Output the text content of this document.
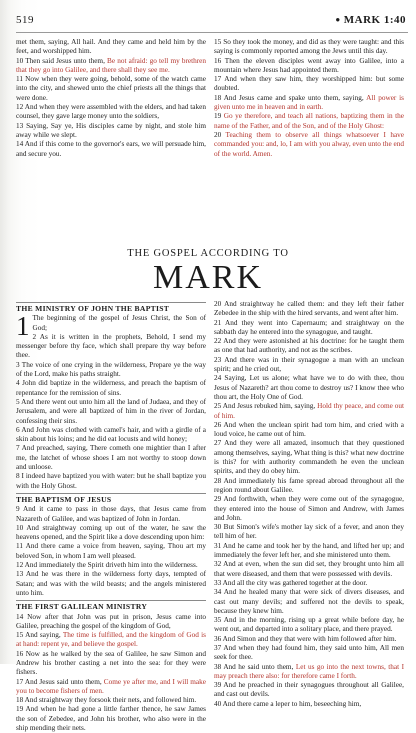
519	● MARK 1:40

met them, saying, All hail. And they came and held him by the feet, and worshipped him.

10 Then said Jesus unto them, Be not afraid: go tell my brethren that they go into Galilee, and there shall they see me.

11 Now when they were going, behold, some of the watch came into the city, and shewed unto the chief priests all the things that were done.

12 And when they were assembled with the elders, and had taken counsel, they gave large money unto the soldiers,

13 Saying, Say ye, His disciples came by night, and stole him away while we slept.

14 And if this come to the governor's ears, we will persuade him, and secure you.

15 So they took the money, and did as they were taught: and this saying is commonly reported among the Jews until this day.

16 Then the eleven disciples went away into Galilee, into a mountain where Jesus had appointed them.

17 And when they saw him, they worshipped him: but some doubted.

18 And Jesus came and spake unto them, saying, All power is given unto me in heaven and in earth.

19 Go ye therefore, and teach all nations, baptizing them in the name of the Father, and of the Son, and of the Holy Ghost:

20 Teaching them to observe all things whatsoever I have commanded you: and, lo, I am with you alway, even unto the end of the world. Amen.

THE GOSPEL ACCORDING TO
MARK
THE MINISTRY OF JOHN THE BAPTIST

1 The beginning of the gospel of Jesus Christ, the Son of God;

2 As it is written in the prophets, Behold, I send my messenger before thy face, which shall prepare thy way before thee.

3 The voice of one crying in the wilderness, Prepare ye the way of the Lord, make his paths straight.

4 John did baptize in the wilderness, and preach the baptism of repentance for the remission of sins.

5 And there went out unto him all the land of Judaea, and they of Jerusalem, and were all baptized of him in the river of Jordan, confessing their sins.

6 And John was clothed with camel's hair, and with a girdle of a skin about his loins; and he did eat locusts and wild honey;

7 And preached, saying, There cometh one mightier than I after me, the latchet of whose shoes I am not worthy to stoop down and unloose.

8 I indeed have baptized you with water: but he shall baptize you with the Holy Ghost.

THE BAPTISM OF JESUS

9 And it came to pass in those days, that Jesus came from Nazareth of Galilee, and was baptized of John in Jordan.

10 And straightway coming up out of the water, he saw the heavens opened, and the Spirit like a dove descending upon him:

11 And there came a voice from heaven, saying, Thou art my beloved Son, in whom I am well pleased.

12 And immediately the Spirit driveth him into the wilderness.

13 And he was there in the wilderness forty days, tempted of Satan; and was with the wild beasts; and the angels ministered unto him.

THE FIRST GALILEAN MINISTRY

14 Now after that John was put in prison, Jesus came into Galilee, preaching the gospel of the kingdom of God,

15 And saying, The time is fulfilled, and the kingdom of God is at hand: repent ye, and believe the gospel.

16 Now as he walked by the sea of Galilee, he saw Simon and Andrew his brother casting a net into the sea: for they were fishers.

17 And Jesus said unto them, Come ye after me, and I will make you to become fishers of men.

18 And straightway they forsook their nets, and followed him.

19 And when he had gone a little farther thence, he saw James the son of Zebedee, and John his brother, who also were in the ship mending their nets.

20 And straightway he called them: and they left their father Zebedee in the ship with the hired servants, and went after him.

21 And they went into Capernaum; and straightway on the sabbath day he entered into the synagogue, and taught.

22 And they were astonished at his doctrine: for he taught them as one that had authority, and not as the scribes.

23 And there was in their synagogue a man with an unclean spirit; and he cried out,

24 Saying, Let us alone; what have we to do with thee, thou Jesus of Nazareth? art thou come to destroy us? I know thee who thou art, the Holy One of God.

25 And Jesus rebuked him, saying, Hold thy peace, and come out of him.

26 And when the unclean spirit had torn him, and cried with a loud voice, he came out of him.

27 And they were all amazed, insomuch that they questioned among themselves, saying, What thing is this? what new doctrine is this? for with authority commandeth he even the unclean spirits, and they do obey him.

28 And immediately his fame spread abroad throughout all the region round about Galilee.

29 And forthwith, when they were come out of the synagogue, they entered into the house of Simon and Andrew, with James and John.

30 But Simon's wife's mother lay sick of a fever, and anon they tell him of her.

31 And he came and took her by the hand, and lifted her up; and immediately the fever left her, and she ministered unto them.

32 And at even, when the sun did set, they brought unto him all that were diseased, and them that were possessed with devils.

33 And all the city was gathered together at the door.

34 And he healed many that were sick of divers diseases, and cast out many devils; and suffered not the devils to speak, because they knew him.

35 And in the morning, rising up a great while before day, he went out, and departed into a solitary place, and there prayed.

36 And Simon and they that were with him followed after him.

37 And when they had found him, they said unto him, All men seek for thee.

38 And he said unto them, Let us go into the next towns, that I may preach there also: for therefore came I forth.

39 And he preached in their synagogues throughout all Galilee, and cast out devils.

40 And there came a leper to him, beseeching him,
